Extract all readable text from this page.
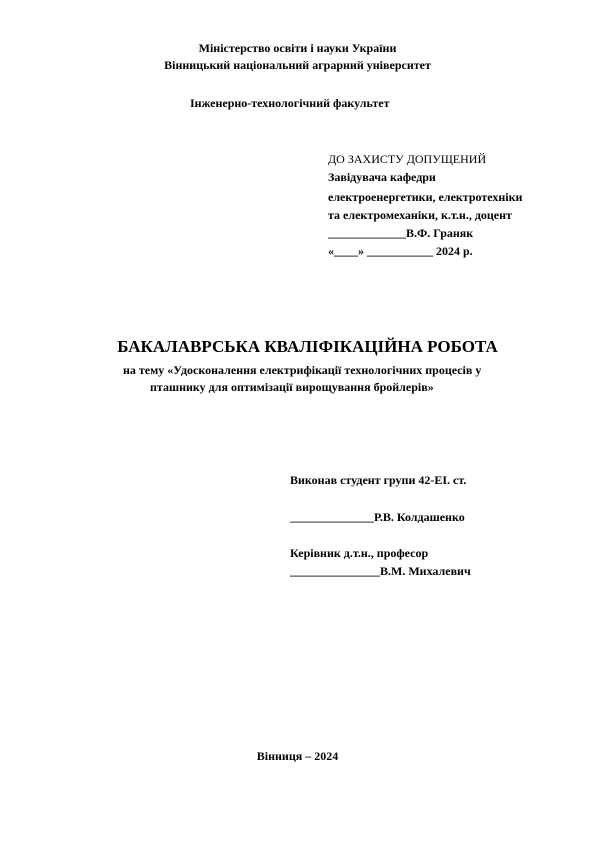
Міністерство освіти і науки України
Вінницький національний аграрний університет
Інженерно-технологічний факультет
ДО ЗАХИСТУ ДОПУЩЕНИЙ
Завідувача кафедри
електроенергетики, електротехніки
та електромеханіки, к.т.н., доцент
_____________В.Ф. Граняк
«____» ___________ 2024 р.
БАКАЛАВРСЬКА КВАЛІФІКАЦІЙНА РОБОТА
на тему «Удосконалення електрифікації технологічних процесів у
пташнику для оптимізації вирощування бройлерів»
Виконав студент групи 42-ЕІ. ст.
______________Р.В. Колдашенко
Керівник д.т.н., професор
_______________В.М. Михалевич
Вінниця – 2024
